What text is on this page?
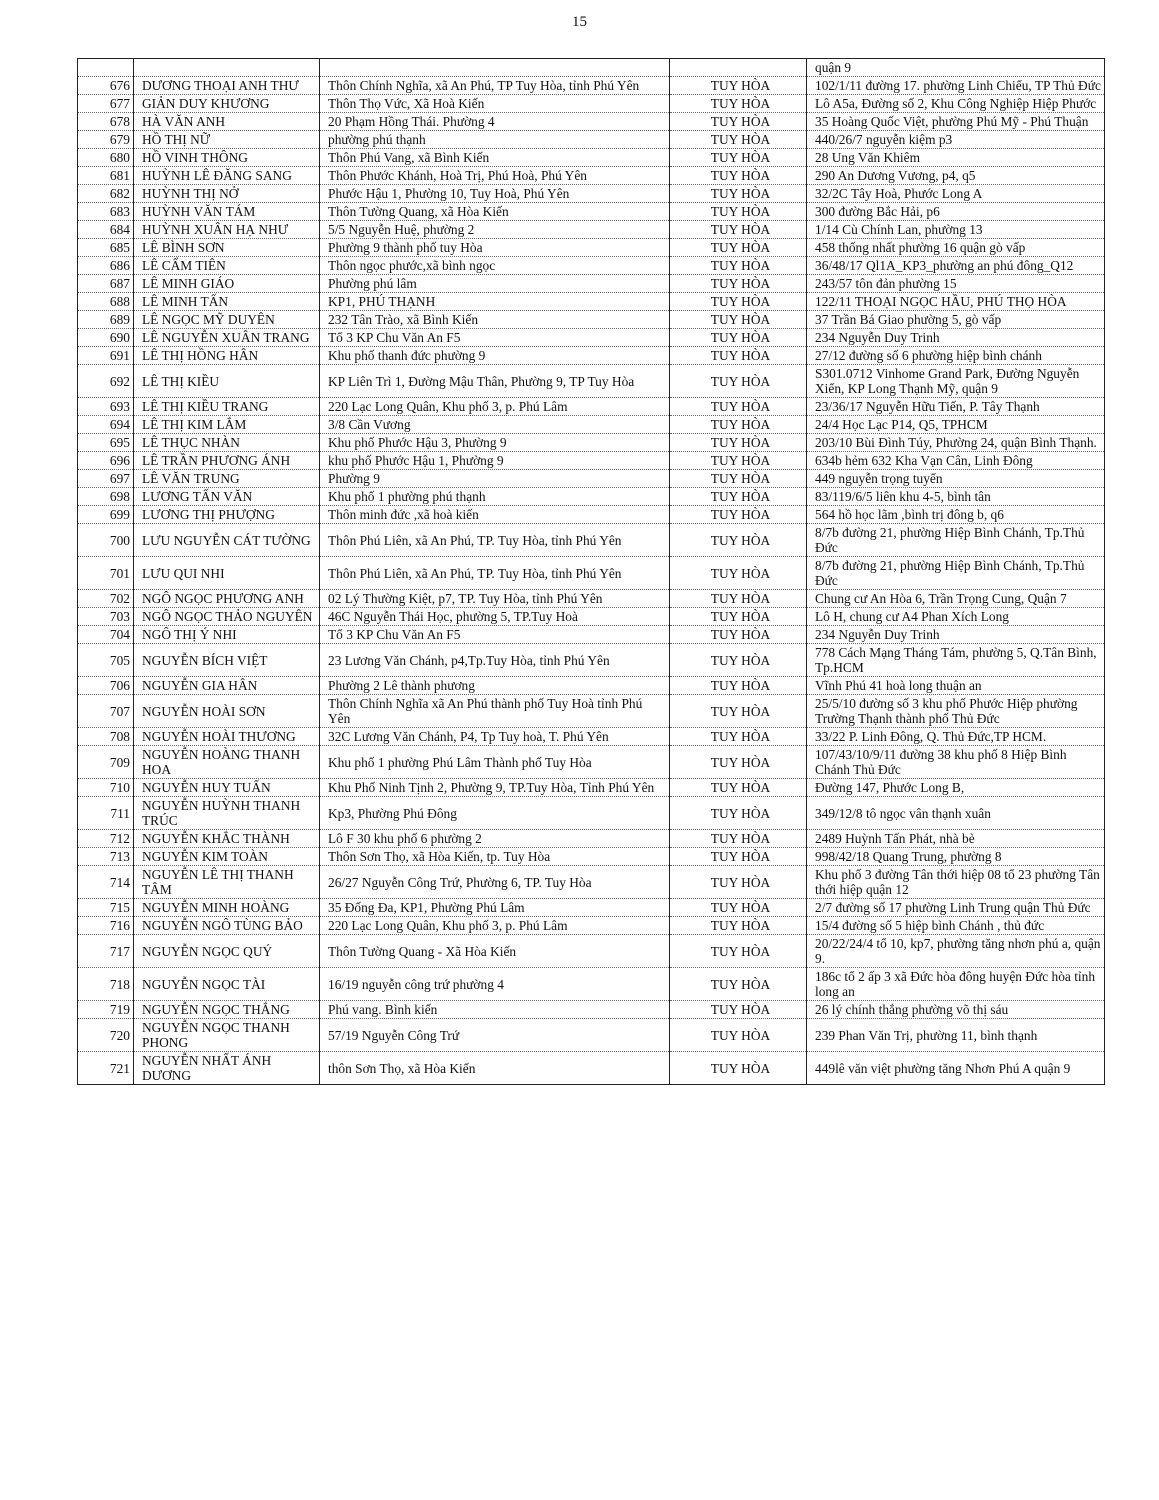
15
				quận 9
676	DƯƠNG THOẠI ANH THƯ	Thôn Chính Nghĩa, xã An Phú, TP Tuy Hòa, tỉnh Phú Yên	TUY HÒA	102/1/11 đường 17. phường Linh Chiểu, TP Thủ Đức
677	GIẢN DUY KHƯƠNG	Thôn Thọ Vức, Xã Hoà Kiến	TUY HÒA	Lô A5a, Đường số 2, Khu Công Nghiệp Hiệp Phước
678	HÀ VĂN ANH	20 Phạm Hồng Thái. Phường 4	TUY HÒA	35 Hoàng Quốc Việt, phường Phú Mỹ - Phú Thuận
679	HỒ THỊ NỮ	phường phú thạnh	TUY HÒA	440/26/7 nguyễn kiệm p3
680	HỒ VINH THÔNG	Thôn Phú Vang, xã Bình Kiến	TUY HÒA	28 Ung Văn Khiêm
681	HUỲNH LÊ ĐĂNG SANG	Thôn Phước Khánh, Hoà Trị, Phú Hoà, Phú Yên	TUY HÒA	290 An Dương Vương, p4, q5
682	HUỲNH THỊ NỞ	Phước Hậu 1, Phường 10, Tuy Hoà, Phú Yên	TUY HÒA	32/2C Tây Hoà, Phước Long A
683	HUỲNH VĂN TÁM	Thôn Tường Quang, xã Hòa Kiến	TUY HÒA	300 đường Bắc Hải, p6
684	HUỲNH XUÂN HẠ NHƯ	5/5 Nguyễn Huệ, phường 2	TUY HÒA	1/14 Cù Chính Lan, phường 13
685	LÊ BÌNH SƠN	Phường 9 thành phố tuy Hòa	TUY HÒA	458 thống nhất phường 16 quận gò vấp
686	LÊ CẨM TIÊN	Thôn ngọc phước,xã bình ngọc	TUY HÒA	36/48/17 Ql1A_KP3_phường an phú đông_Q12
687	LÊ MINH GIÁO	Phường phú lâm	TUY HÒA	243/57 tôn đản phường 15
688	LÊ MINH TẤN	KP1, PHÚ THẠNH	TUY HÒA	122/11 THOẠI NGỌC HẦU, PHÚ THỌ HÒA
689	LÊ NGỌC MỸ DUYÊN	232 Tân Trào, xã Bình Kiến	TUY HÒA	37 Trần Bá Giao phường 5, gò vấp
690	LÊ NGUYỄN XUÂN TRANG	Tổ 3 KP Chu Văn An F5	TUY HÒA	234 Nguyễn Duy Trinh
691	LÊ THỊ HỒNG HÂN	Khu phố thanh đức phường 9	TUY HÒA	27/12 đường số 6 phường hiệp bình chánh
692	LÊ THỊ KIỀU	KP Liên Trì 1, Đường Mậu Thân, Phường 9, TP Tuy Hòa	TUY HÒA	S301.0712 Vinhome Grand Park, Đường Nguyễn Xiển, KP Long Thạnh Mỹ, quận 9
693	LÊ THỊ KIỀU TRANG	220 Lạc Long Quân, Khu phố 3, p. Phú Lâm	TUY HÒA	23/36/17 Nguyễn Hữu Tiến, P. Tây Thạnh
694	LÊ THỊ KIM LẮM	3/8 Cần Vương	TUY HÒA	24/4 Học Lạc P14, Q5, TPHCM
695	LÊ THỤC NHÀN	Khu phố Phước Hậu 3, Phường 9	TUY HÒA	203/10 Bùi Đình Túy, Phường 24, quận Bình Thạnh.
696	LÊ TRẦN PHƯƠNG ÁNH	khu phố Phước Hậu 1, Phường 9	TUY HÒA	634b hẻm 632 Kha Vạn Cân, Linh Đông
697	LÊ VĂN TRUNG	Phường 9	TUY HÒA	449 nguyễn trọng tuyển
698	LƯƠNG TẤN VĂN	Khu phố 1 phường phú thạnh	TUY HÒA	83/119/6/5 liên khu 4-5, bình tân
699	LƯƠNG THỊ PHƯỢNG	Thôn minh đức ,xã hoà kiến	TUY HÒA	564 hồ học lãm ,bình trị đông b, q6
700	LƯU NGUYỄN CÁT TƯỜNG	Thôn Phú Liên, xã An Phú, TP. Tuy Hòa, tỉnh Phú Yên	TUY HÒA	8/7b đường 21, phường Hiệp Bình Chánh, Tp.Thủ Đức
701	LƯU QUI NHI	Thôn Phú Liên, xã An Phú, TP. Tuy Hòa, tỉnh Phú Yên	TUY HÒA	8/7b đường 21, phường Hiệp Bình Chánh, Tp.Thủ Đức
702	NGÔ NGỌC PHƯƠNG ANH	02 Lý Thường Kiệt, p7, TP. Tuy Hòa, tỉnh Phú Yên	TUY HÒA	Chung cư An Hòa 6, Trần Trọng Cung, Quận 7
703	NGÔ NGỌC THẢO NGUYÊN	46C Nguyễn Thái Học, phường 5, TP.Tuy Hoà	TUY HÒA	Lô H, chung cư A4 Phan Xích Long
704	NGÔ THỊ Ý NHI	Tổ 3 KP Chu Văn An F5	TUY HÒA	234 Nguyễn Duy Trinh
705	NGUYỄN BÍCH VIỆT	23 Lương Văn Chánh, p4,Tp.Tuy Hòa, tỉnh Phú Yên	TUY HÒA	778 Cách Mạng Tháng Tám, phường 5, Q.Tân Bình, Tp.HCM
706	NGUYỄN GIA HÂN	Phường 2 Lê thành phương	TUY HÒA	Vĩnh Phú 41 hoà long thuận an
707	NGUYỄN HOÀI SƠN	Thôn Chính Nghĩa xã An Phú thành phố Tuy Hoà tỉnh Phú Yên	TUY HÒA	25/5/10 đường số 3 khu phố Phước Hiệp phường Trường Thạnh thành phố Thủ Đức
708	NGUYỄN HOÀI THƯƠNG	32C Lương Văn Chánh, P4, Tp Tuy hoà, T. Phú Yên	TUY HÒA	33/22 P. Linh Đông, Q. Thủ Đức,TP HCM.
709	NGUYỄN HOÀNG THANH HOA	Khu phố 1 phường Phú Lâm Thành phố Tuy Hòa	TUY HÒA	107/43/10/9/11 đường 38 khu phố 8 Hiệp Bình Chánh Thủ Đức
710	NGUYỄN HUY TUẤN	Khu Phố Ninh Tịnh 2, Phường 9, TP.Tuy Hòa, Tỉnh Phú Yên	TUY HÒA	Đường 147, Phước Long B,
711	NGUYỄN HUỲNH THANH TRÚC	Kp3, Phường Phú Đông	TUY HÒA	349/12/8 tô ngọc vân thạnh xuân
712	NGUYỄN KHẮC THÀNH	Lô F 30 khu phố 6 phường 2	TUY HÒA	2489 Huỳnh Tấn Phát, nhà bè
713	NGUYỄN KIM TOÀN	Thôn Sơn Thọ, xã Hòa Kiến, tp. Tuy Hòa	TUY HÒA	998/42/18 Quang Trung, phường 8
714	NGUYỄN LÊ THỊ THANH TÂM	26/27 Nguyễn Công Trứ, Phường 6, TP. Tuy Hòa	TUY HÒA	Khu phố 3 đường Tân thới hiệp 08 tổ 23 phường Tân thới hiệp quận 12
715	NGUYỄN MINH HOÀNG	35 Đống Đa, KP1, Phường Phú Lâm	TUY HÒA	2/7 đường số 17 phường Linh Trung quận Thủ Đức
716	NGUYỄN NGÔ TÙNG BẢO	220 Lạc Long Quân, Khu phố 3, p. Phú Lâm	TUY HÒA	15/4 đường số 5 hiệp bình Chánh , thủ đức
717	NGUYỄN NGỌC QUÝ	Thôn Tường Quang - Xã Hòa Kiến	TUY HÒA	20/22/24/4 tổ 10, kp7, phường tăng nhơn phú a, quận 9.
718	NGUYỄN NGỌC TÀI	16/19 nguyễn công trứ phường 4	TUY HÒA	186c tổ 2 ấp 3 xã Đức hòa đông huyện Đức hòa tỉnh long an
719	NGUYỄN NGỌC THẮNG	Phú vang. Bình kiến	TUY HÒA	26 lý chính thắng phường võ thị sáu
720	NGUYỄN NGỌC THANH PHONG	57/19 Nguyễn Công Trứ	TUY HÒA	239 Phan Văn Trị, phường 11, bình thạnh
721	NGUYỄN NHẤT ÁNH DƯƠNG	thôn Sơn Thọ, xã Hòa Kiến	TUY HÒA	449lê văn việt phường tăng Nhơn Phú A quận 9
